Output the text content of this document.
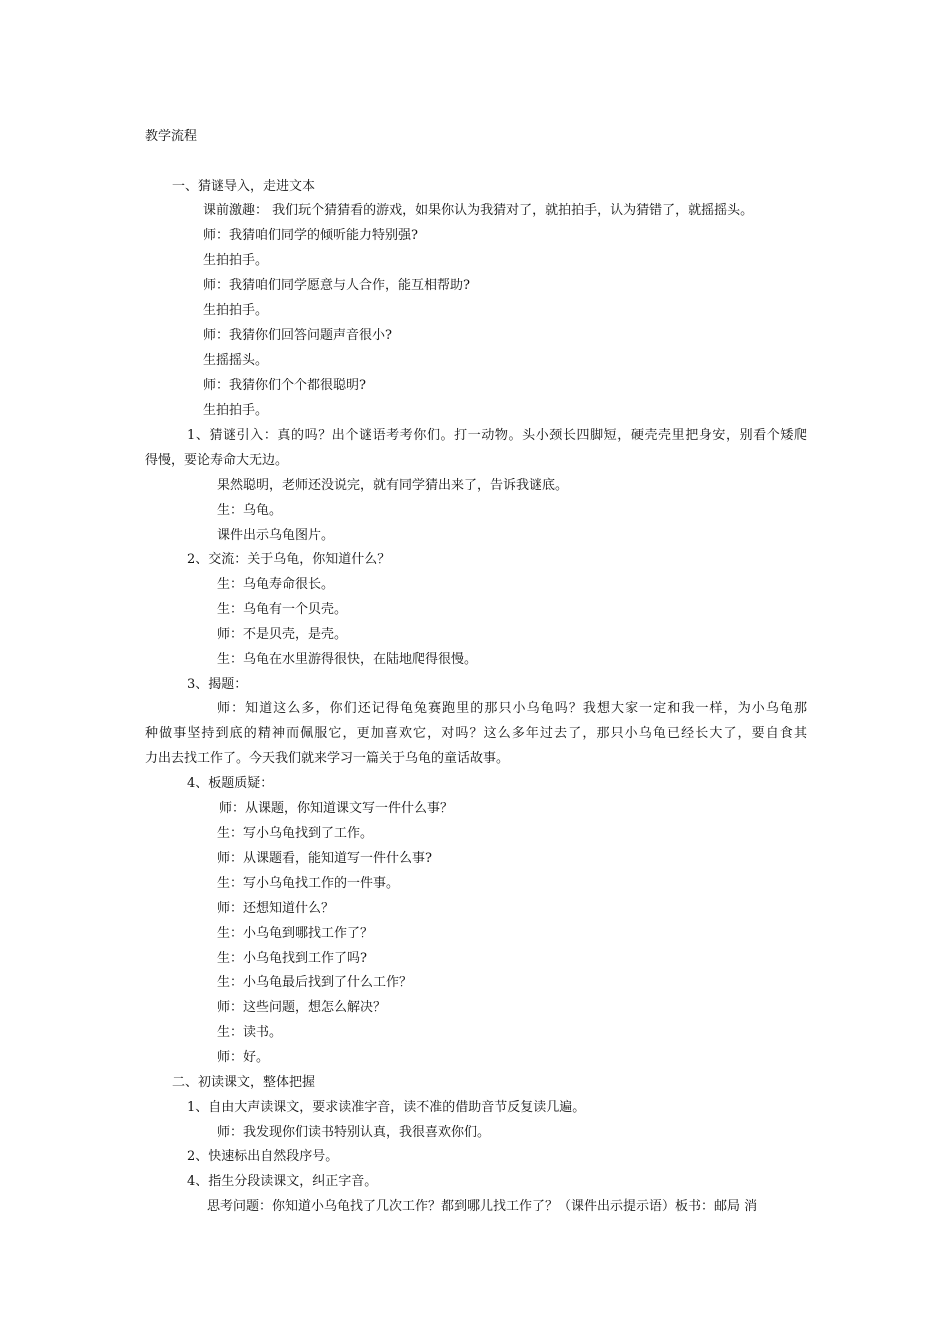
教学流程
一、猜谜导入，走进文本
课前激趣： 我们玩个猜猜看的游戏，如果你认为我猜对了，就拍拍手，认为猜错了，就摇摇头。
师：我猜咱们同学的倾听能力特别强?
生拍拍手。
师：我猜咱们同学愿意与人合作，能互相帮助?
生拍拍手。
师：我猜你们回答问题声音很小?
生摇摇头。
师：我猜你们个个都很聪明?
生拍拍手。
1、猜谜引入：真的吗？出个谜语考考你们。打一动物。头小颈长四脚短，硬壳壳里把身安，别看个矮爬
得慢，要论寿命大无边。
果然聪明，老师还没说完，就有同学猜出来了，告诉我谜底。
生：乌龟。
课件出示乌龟图片。
2、交流：关于乌龟，你知道什么？
生：乌龟寿命很长。
生：乌龟有一个贝壳。
师：不是贝壳，是壳。
生：乌龟在水里游得很快，在陆地爬得很慢。
3、揭题：
师：知道这么多，你们还记得龟兔赛跑里的那只小乌龟吗？我想大家一定和我一样，为小乌龟那
种做事坚持到底的精神而佩服它，更加喜欢它，对吗？这么多年过去了，那只小乌龟已经长大了，要自食其
力出去找工作了。今天我们就来学习一篇关于乌龟的童话故事。
4、板题质疑：
师：从课题，你知道课文写一件什么事？
生：写小乌龟找到了工作。
师：从课题看，能知道写一件什么事?
生：写小乌龟找工作的一件事。
师：还想知道什么？
生：小乌龟到哪找工作了？
生：小乌龟找到工作了吗?
生：小乌龟最后找到了什么工作？
师：这些问题，想怎么解决？
生：读书。
师：好。
二、初读课文，整体把握
1、自由大声读课文，要求读准字音，读不准的借助音节反复读几遍。
师：我发现你们读书特别认真，我很喜欢你们。
2、快速标出自然段序号。
4、指生分段读课文，纠正字音。
思考问题：你知道小乌龟找了几次工作？都到哪儿找工作了？（课件出示提示语）板书：邮局 消
